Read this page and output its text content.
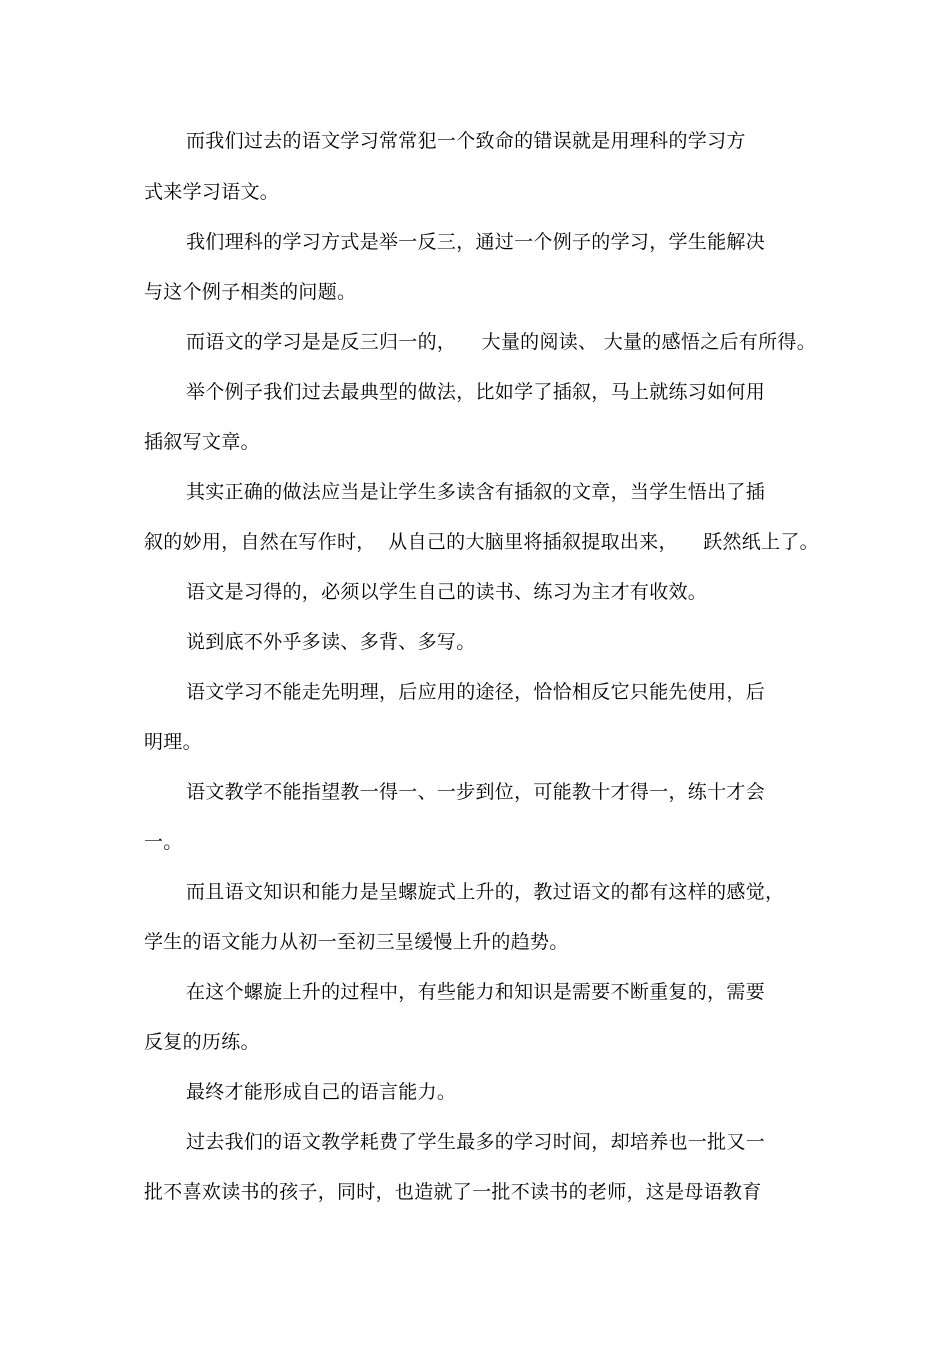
而我们过去的语文学习常常犯一个致命的错误就是用理科的学习方
式来学习语文。
我们理科的学习方式是举一反三，通过一个例子的学习，学生能解决
与这个例子相类的问题。
而语文的学习是是反三归一的，    大量的阅读、 大量的感悟之后有所得。
举个例子我们过去最典型的做法，比如学了插叙，马上就练习如何用
插叙写文章。
其实正确的做法应当是让学生多读含有插叙的文章，当学生悟出了插
叙的妙用，自然在写作时，  从自己的大脑里将插叙提取出来，    跃然纸上了。
语文是习得的，必须以学生自己的读书、练习为主才有收效。
说到底不外乎多读、多背、多写。
语文学习不能走先明理，后应用的途径，恰恰相反它只能先使用，后
明理。
语文教学不能指望教一得一、一步到位，可能教十才得一，练十才会
一。
而且语文知识和能力是呈螺旋式上升的，教过语文的都有这样的感觉，
学生的语文能力从初一至初三呈缓慢上升的趋势。
在这个螺旋上升的过程中，有些能力和知识是需要不断重复的，需要
反复的历练。
最终才能形成自己的语言能力。
过去我们的语文教学耗费了学生最多的学习时间，却培养也一批又一
批不喜欢读书的孩子，同时，也造就了一批不读书的老师，这是母语教育
